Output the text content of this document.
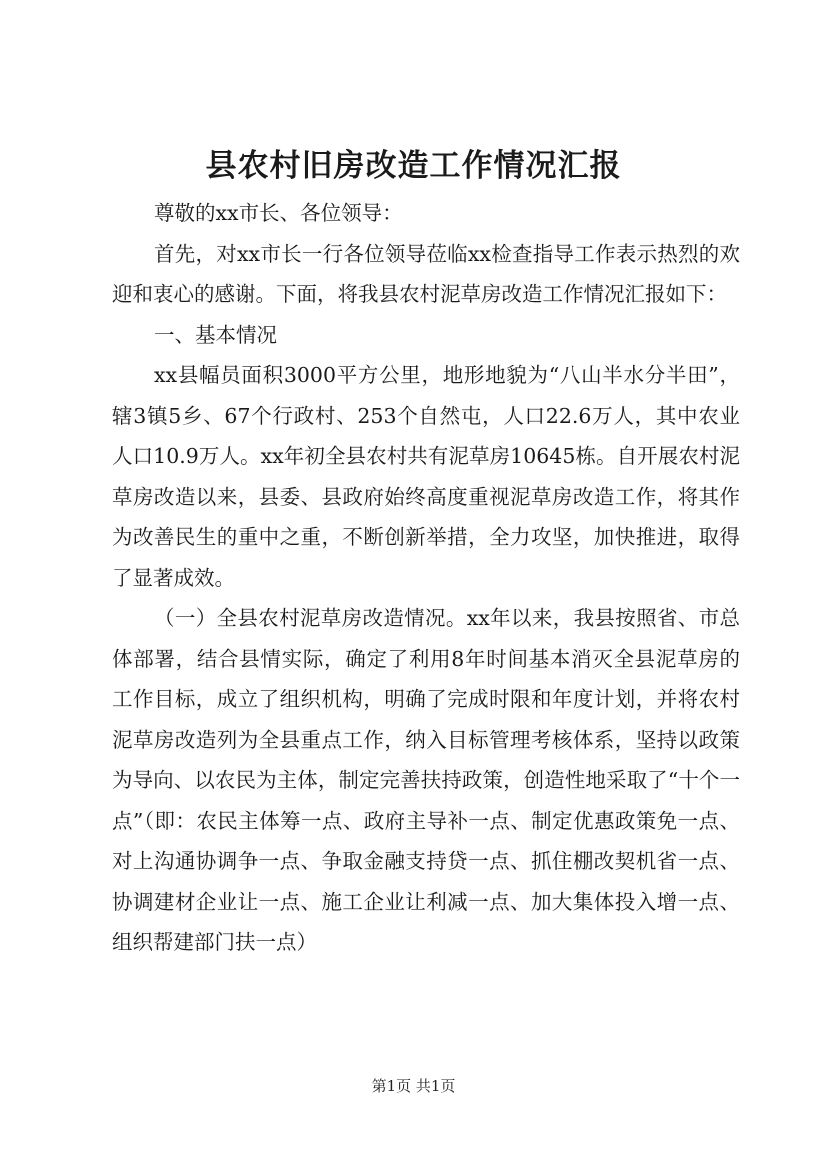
县农村旧房改造工作情况汇报

尊敬的xx市长、各位领导：

首先，对xx市长一行各位领导莅临xx检查指导工作表示热烈的欢迎和衷心的感谢。下面，将我县农村泥草房改造工作情况汇报如下：

一、基本情况

xx县幅员面积3000平方公里，地形地貌为“八山半水分半田”，辖3镇5乡、67个行政村、253个自然屯，人口22.6万人，其中农业人口10.9万人。xx年初全县农村共有泥草房10645栋。自开展农村泥草房改造以来，县委、县政府始终高度重视泥草房改造工作，将其作为改善民生的重中之重，不断创新举措，全力攻坚，加快推进，取得了显著成效。

（一）全县农村泥草房改造情况。xx年以来，我县按照省、市总体部署，结合县情实际，确定了利用8年时间基本消灭全县泥草房的工作目标，成立了组织机构，明确了完成时限和年度计划，并将农村泥草房改造列为全县重点工作，纳入目标管理考核体系，坚持以政策为导向、以农民为主体，制定完善扶持政策，创造性地采取了“十个一点”（即：农民主体筹一点、政府主导补一点、制定优惠政策免一点、对上沟通协调争一点、争取金融支持贷一点、抓住棚改契机省一点、协调建材企业让一点、施工企业让利减一点、加大集体投入增一点、组织帮建部门扶一点）

第1页 共1页
